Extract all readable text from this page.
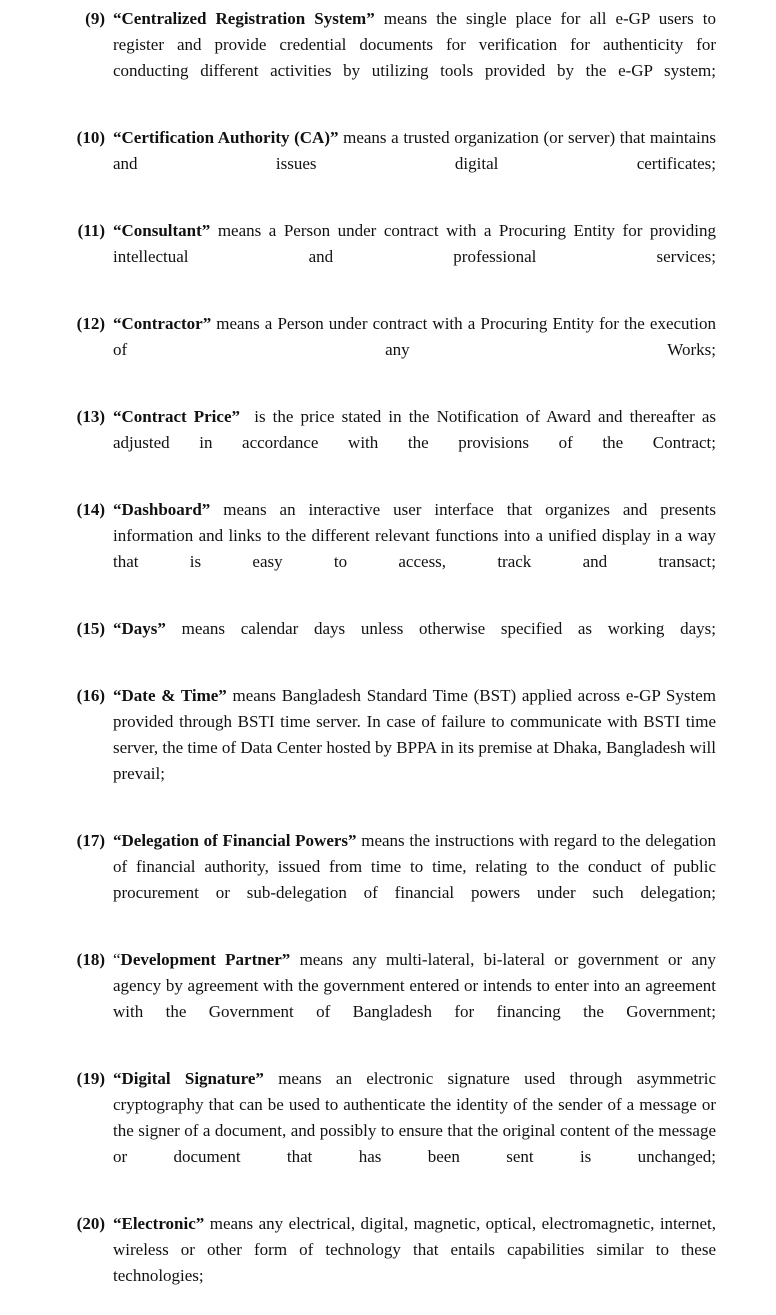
(9) “Centralized Registration System” means the single place for all e-GP users to register and provide credential documents for verification for authenticity for conducting different activities by utilizing tools provided by the e-GP system;
(10) “Certification Authority (CA)” means a trusted organization (or server) that maintains and issues digital certificates;
(11) “Consultant” means a Person under contract with a Procuring Entity for providing intellectual and professional services;
(12) “Contractor” means a Person under contract with a Procuring Entity for the execution of any Works;
(13) “Contract Price”  is the price stated in the Notification of Award and thereafter as adjusted in accordance with the provisions of the Contract;
(14) “Dashboard” means an interactive user interface that organizes and presents information and links to the different relevant functions into a unified display in a way that is easy to access, track and transact;
(15) “Days” means calendar days unless otherwise specified as working days;
(16) “Date & Time” means Bangladesh Standard Time (BST) applied across e-GP System provided through BSTI time server. In case of failure to communicate with BSTI time server, the time of Data Center hosted by BPPA in its premise at Dhaka, Bangladesh will prevail;
(17) “Delegation of Financial Powers” means the instructions with regard to the delegation of financial authority, issued from time to time, relating to the conduct of public procurement or sub-delegation of financial powers under such delegation;
(18) “Development Partner” means any multi-lateral, bi-lateral or government or any agency by agreement with the government entered or intends to enter into an agreement with the Government of Bangladesh for financing the Government;
(19) “Digital Signature” means an electronic signature used through asymmetric cryptography that can be used to authenticate the identity of the sender of a message or the signer of a document, and possibly to ensure that the original content of the message or document that has been sent is unchanged;
(20) “Electronic” means any electrical, digital, magnetic, optical, electromagnetic, internet, wireless or other form of technology that entails capabilities similar to these technologies;
